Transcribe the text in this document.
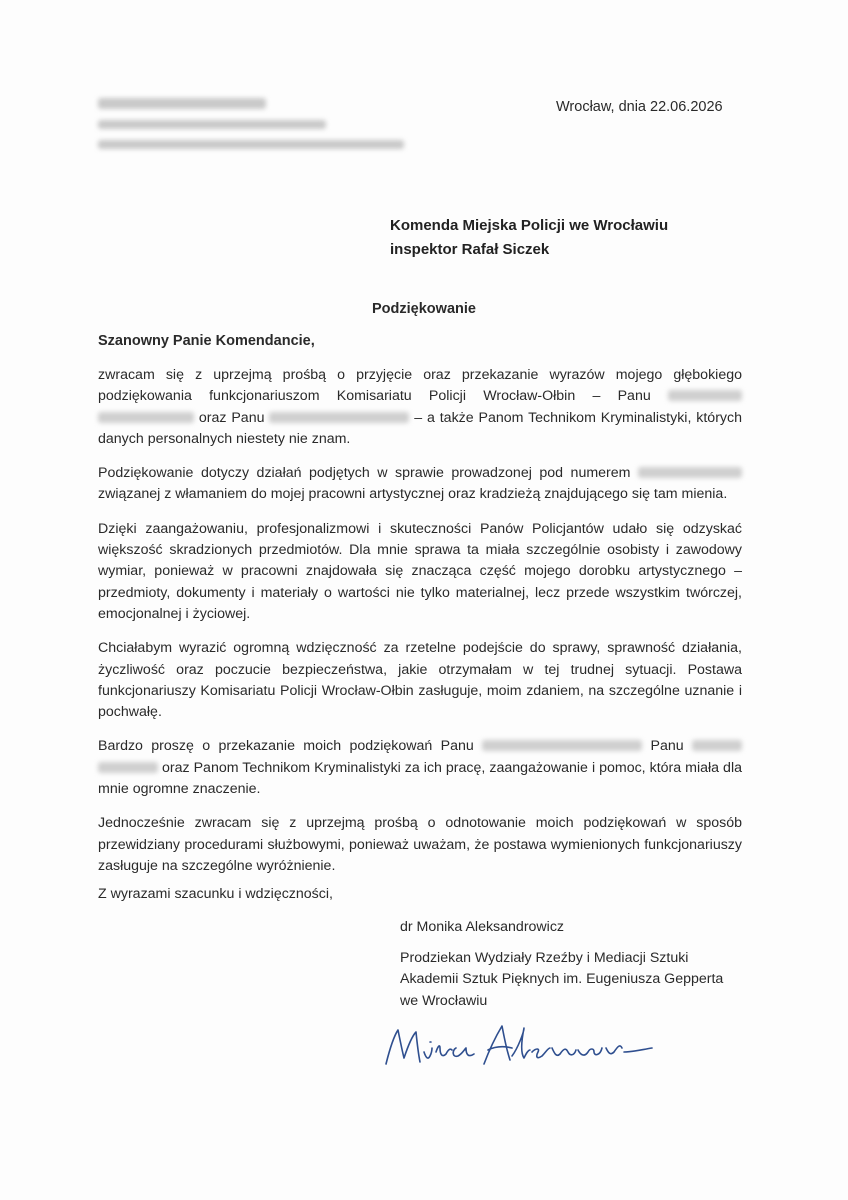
Wrocław, dnia 22.06.2026
Komenda Miejska Policji we Wrocławiu
inspektor Rafał Siczek
Podziękowanie
Szanowny Panie Komendancie,

zwracam się z uprzejmą prośbą o przyjęcie oraz przekazanie wyrazów mojego głębokiego podziękowania funkcjonariuszom Komisariatu Policji Wrocław-Ołbin – Panu   oraz Panu	– a także Panom Technikom Kryminalistyki, których danych personalnych niestety nie znam.

Podziękowanie dotyczy działań podjętych w sprawie prowadzonej pod numerem  związanej z włamaniem do mojej pracowni artystycznej oraz kradzieżą znajdującego się tam mienia.

Dzięki zaangażowaniu, profesjonalizmowi i skuteczności Panów Policjantów udało się odzyskać większość skradzionych przedmiotów. Dla mnie sprawa ta miała szczególnie osobisty i zawodowy wymiar, ponieważ w pracowni znajdowała się znacząca część mojego dorobku artystycznego – przedmioty, dokumenty i materiały o wartości nie tylko materialnej, lecz przede wszystkim twórczej, emocjonalnej i życiowej.

Chciałabym wyrazić ogromną wdzięczność za rzetelne podejście do sprawy, sprawność działania, życzliwość oraz poczucie bezpieczeństwa, jakie otrzymałam w tej trudnej sytuacji. Postawa funkcjonariuszy Komisariatu Policji Wrocław-Ołbin zasługuje, moim zdaniem, na szczególne uznanie i pochwałę.

Bardzo proszę o przekazanie moich podziękowań Panu	Panu   oraz Panom Technikom Kryminalistyki za ich pracę, zaangażowanie i pomoc, która miała dla mnie ogromne znaczenie.

Jednocześnie zwracam się z uprzejmą prośbą o odnotowanie moich podziękowań w sposób przewidziany procedurami służbowymi, ponieważ uważam, że postawa wymienionych funkcjonariuszy zasługuje na szczególne wyróżnienie.

Z wyrazami szacunku i wdzięczności,
dr Monika Aleksandrowicz
Prodziekan Wydziały Rzeźby i Mediacji Sztuki
Akademii Sztuk Pięknych im. Eugeniusza Gepperta
we Wrocławiu
